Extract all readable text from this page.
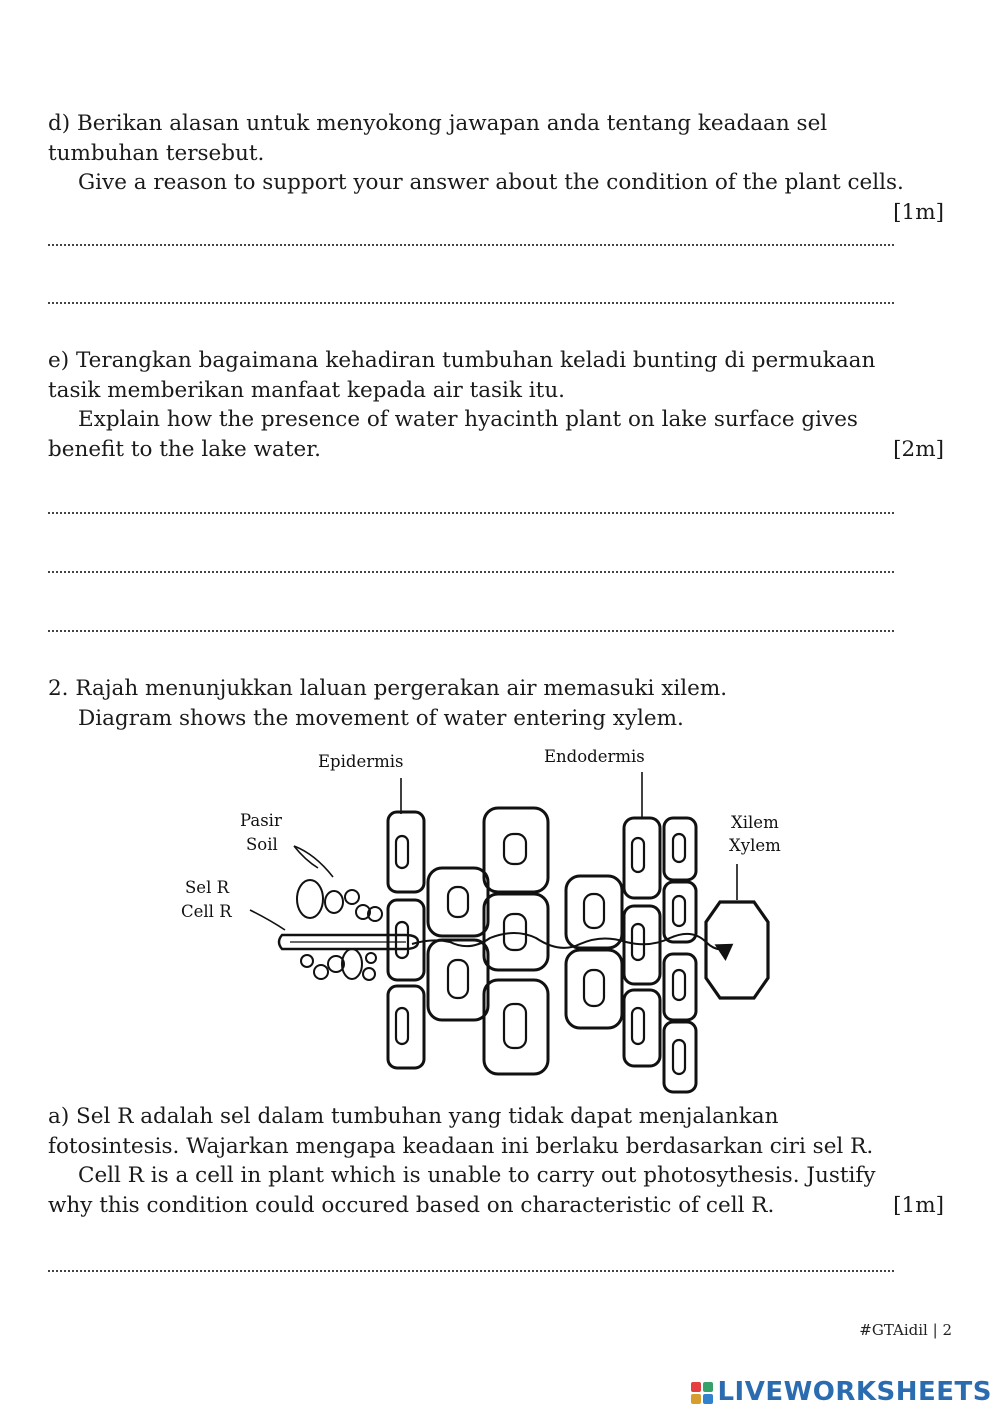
d) Berikan alasan untuk menyokong jawapan anda tentang keadaan sel

tumbuhan tersebut.

Give a reason to support your answer about the condition of the plant cells.

[1m]

e) Terangkan bagaimana kehadiran tumbuhan keladi bunting di permukaan

tasik memberikan manfaat kepada air tasik itu.

Explain how the presence of water hyacinth plant on lake surface gives

benefit to the lake water.	[2m]

2. Rajah menunjukkan laluan pergerakan air memasuki xilem.

Diagram shows the movement of water entering xylem.

Epidermis	Endodermis
Pasir
Soil
Sel R
Cell R
Xilem
Xylem

a) Sel R adalah sel dalam tumbuhan yang tidak dapat menjalankan

fotosintesis. Wajarkan mengapa keadaan ini berlaku berdasarkan ciri sel R.

Cell R is a cell in plant which is unable to carry out photosythesis. Justify

why this condition could occured based on characteristic of cell R.	[1m]
#GTAidil | 2
LIVEWORKSHEETS
